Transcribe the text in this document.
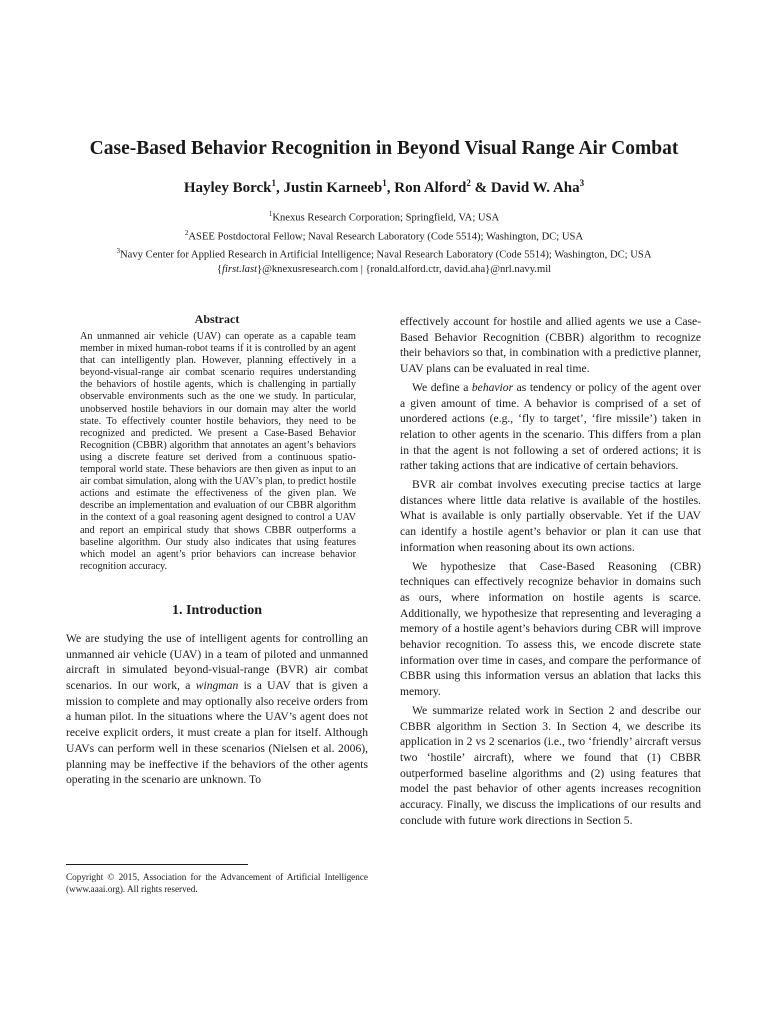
Case-Based Behavior Recognition in Beyond Visual Range Air Combat
Hayley Borck$^1$, Justin Karneeb$^1$, Ron Alford$^2$ & David W. Aha$^3$
$^1$Knexus Research Corporation; Springfield, VA; USA
$^2$ASEE Postdoctoral Fellow; Naval Research Laboratory (Code 5514); Washington, DC; USA
$^3$Navy Center for Applied Research in Artificial Intelligence; Naval Research Laboratory (Code 5514); Washington, DC; USA
{first.last}@knexusresearch.com | {ronald.alford.ctr, david.aha}@nrl.navy.mil
Abstract
An unmanned air vehicle (UAV) can operate as a capable team member in mixed human-robot teams if it is controlled by an agent that can intelligently plan. However, planning effectively in a beyond-visual-range air combat scenario requires understanding the behaviors of hostile agents, which is challenging in partially observable environments such as the one we study. In particular, unobserved hostile behaviors in our domain may alter the world state. To effectively counter hostile behaviors, they need to be recognized and predicted. We present a Case-Based Behavior Recognition (CBBR) algorithm that annotates an agent’s behaviors using a discrete feature set derived from a continuous spatio-temporal world state. These behaviors are then given as input to an air combat simulation, along with the UAV’s plan, to predict hostile actions and estimate the effectiveness of the given plan. We describe an implementation and evaluation of our CBBR algorithm in the context of a goal reasoning agent designed to control a UAV and report an empirical study that shows CBBR outperforms a baseline algorithm. Our study also indicates that using features which model an agent’s prior behaviors can increase behavior recognition accuracy.
1. Introduction

We are studying the use of intelligent agents for controlling an unmanned air vehicle (UAV) in a team of piloted and unmanned aircraft in simulated beyond-visual-range (BVR) air combat scenarios. In our work, a wingman is a UAV that is given a mission to complete and may optionally also receive orders from a human pilot. In the situations where the UAV’s agent does not receive explicit orders, it must create a plan for itself. Although UAVs can perform well in these scenarios (Nielsen et al. 2006), planning may be ineffective if the behaviors of the other agents operating in the scenario are unknown. To

effectively account for hostile and allied agents we use a Case-Based Behavior Recognition (CBBR) algorithm to recognize their behaviors so that, in combination with a predictive planner, UAV plans can be evaluated in real time.

We define a behavior as tendency or policy of the agent over a given amount of time. A behavior is comprised of a set of unordered actions (e.g., ‘fly to target’, ‘fire missile’) taken in relation to other agents in the scenario. This differs from a plan in that the agent is not following a set of ordered actions; it is rather taking actions that are indicative of certain behaviors.

BVR air combat involves executing precise tactics at large distances where little data relative is available of the hostiles. What is available is only partially observable. Yet if the UAV can identify a hostile agent’s behavior or plan it can use that information when reasoning about its own actions.

We hypothesize that Case-Based Reasoning (CBR) techniques can effectively recognize behavior in domains such as ours, where information on hostile agents is scarce. Additionally, we hypothesize that representing and leveraging a memory of a hostile agent’s behaviors during CBR will improve behavior recognition. To assess this, we encode discrete state information over time in cases, and compare the performance of CBBR using this information versus an ablation that lacks this memory.

We summarize related work in Section 2 and describe our CBBR algorithm in Section 3. In Section 4, we describe its application in 2 vs 2 scenarios (i.e., two ‘friendly’ aircraft versus two ‘hostile’ aircraft), where we found that (1) CBBR outperformed baseline algorithms and (2) using features that model the past behavior of other agents increases recognition accuracy. Finally, we discuss the implications of our results and conclude with future work directions in Section 5.

Copyright © 2015, Association for the Advancement of Artificial Intelligence (www.aaai.org). All rights reserved.
